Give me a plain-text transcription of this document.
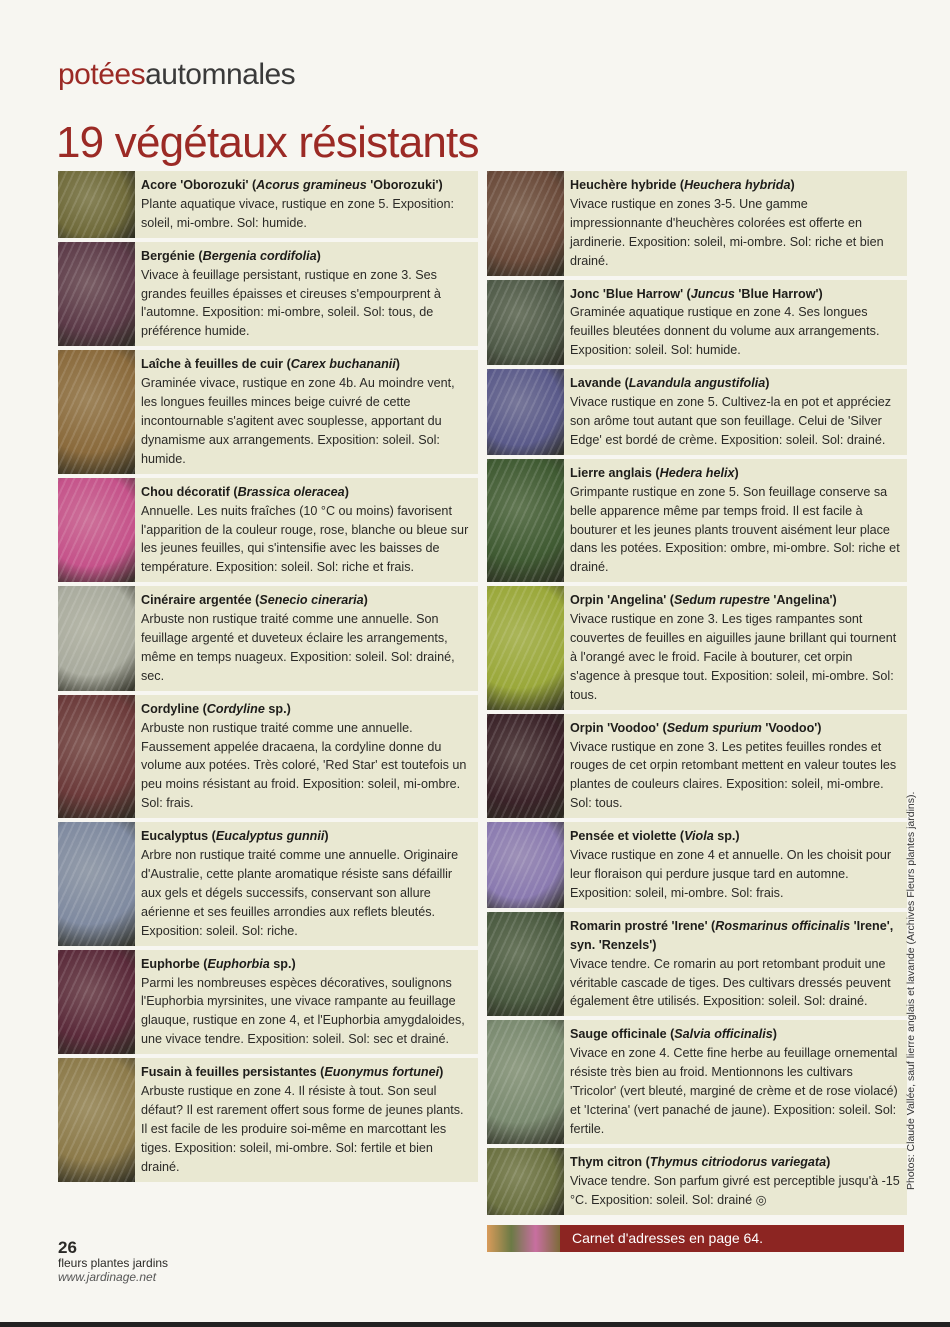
potéesautomnales
19 végétaux résistants
Acore 'Oborozuki' (Acorus gramineus 'Oborozuki')
Plante aquatique vivace, rustique en zone 5. Exposition: soleil, mi-ombre. Sol: humide.
Bergénie (Bergenia cordifolia)
Vivace à feuillage persistant, rustique en zone 3. Ses grandes feuilles épaisses et cireuses s'empourprent à l'automne. Exposition: mi-ombre, soleil. Sol: tous, de préférence humide.
Laîche à feuilles de cuir (Carex buchananii)
Graminée vivace, rustique en zone 4b. Au moindre vent, les longues feuilles minces beige cuivré de cette incontournable s'agitent avec souplesse, apportant du dynamisme aux arrangements. Exposition: soleil. Sol: humide.
Chou décoratif (Brassica oleracea)
Annuelle. Les nuits fraîches (10 °C ou moins) favorisent l'apparition de la couleur rouge, rose, blanche ou bleue sur les jeunes feuilles, qui s'intensifie avec les baisses de température. Exposition: soleil. Sol: riche et frais.
Cinéraire argentée (Senecio cineraria)
Arbuste non rustique traité comme une annuelle. Son feuillage argenté et duveteux éclaire les arrangements, même en temps nuageux. Exposition: soleil. Sol: drainé, sec.
Cordyline (Cordyline sp.)
Arbuste non rustique traité comme une annuelle. Faussement appelée dracaena, la cordyline donne du volume aux potées. Très coloré, 'Red Star' est toutefois un peu moins résistant au froid. Exposition: soleil, mi-ombre. Sol: frais.
Eucalyptus (Eucalyptus gunnii)
Arbre non rustique traité comme une annuelle. Originaire d'Australie, cette plante aromatique résiste sans défaillir aux gels et dégels successifs, conservant son allure aérienne et ses feuilles arrondies aux reflets bleutés. Exposition: soleil. Sol: riche.
Euphorbe (Euphorbia sp.)
Parmi les nombreuses espèces décoratives, soulignons l'Euphorbia myrsinites, une vivace rampante au feuillage glauque, rustique en zone 4, et l'Euphorbia amygdaloides, une vivace tendre. Exposition: soleil. Sol: sec et drainé.
Fusain à feuilles persistantes (Euonymus fortunei)
Arbuste rustique en zone 4. Il résiste à tout. Son seul défaut? Il est rarement offert sous forme de jeunes plants. Il est facile de les produire soi-même en marcottant les tiges. Exposition: soleil, mi-ombre. Sol: fertile et bien drainé.
Heuchère hybride (Heuchera hybrida)
Vivace rustique en zones 3-5. Une gamme impressionnante d'heuchères colorées est offerte en jardinerie. Exposition: soleil, mi-ombre. Sol: riche et bien drainé.
Jonc 'Blue Harrow' (Juncus 'Blue Harrow')
Graminée aquatique rustique en zone 4. Ses longues feuilles bleutées donnent du volume aux arrangements. Exposition: soleil. Sol: humide.
Lavande (Lavandula angustifolia)
Vivace rustique en zone 5. Cultivez-la en pot et appréciez son arôme tout autant que son feuillage. Celui de 'Silver Edge' est bordé de crème. Exposition: soleil. Sol: drainé.
Lierre anglais (Hedera helix)
Grimpante rustique en zone 5. Son feuillage conserve sa belle apparence même par temps froid. Il est facile à bouturer et les jeunes plants trouvent aisément leur place dans les potées. Exposition: ombre, mi-ombre. Sol: riche et drainé.
Orpin 'Angelina' (Sedum rupestre 'Angelina')
Vivace rustique en zone 3. Les tiges rampantes sont couvertes de feuilles en aiguilles jaune brillant qui tournent à l'orangé avec le froid. Facile à bouturer, cet orpin s'agence à presque tout. Exposition: soleil, mi-ombre. Sol: tous.
Orpin 'Voodoo' (Sedum spurium 'Voodoo')
Vivace rustique en zone 3. Les petites feuilles rondes et rouges de cet orpin retombant mettent en valeur toutes les plantes de couleurs claires. Exposition: soleil, mi-ombre. Sol: tous.
Pensée et violette (Viola sp.)
Vivace rustique en zone 4 et annuelle. On les choisit pour leur floraison qui perdure jusque tard en automne. Exposition: soleil, mi-ombre. Sol: frais.
Romarin prostré 'Irene' (Rosmarinus officinalis 'Irene', syn. 'Renzels')
Vivace tendre. Ce romarin au port retombant produit une véritable cascade de tiges. Des cultivars dressés peuvent également être utilisés. Exposition: soleil. Sol: drainé.
Sauge officinale (Salvia officinalis)
Vivace en zone 4. Cette fine herbe au feuillage ornemental résiste très bien au froid. Mentionnons les cultivars 'Tricolor' (vert bleuté, marginé de crème et de rose violacé) et 'Icterina' (vert panaché de jaune). Exposition: soleil. Sol: fertile.
Thym citron (Thymus citriodorus variegata)
Vivace tendre. Son parfum givré est perceptible jusqu'à -15 °C. Exposition: soleil. Sol: drainé ◎
Carnet d'adresses en page 64.
26
fleurs plantes jardins
www.jardinage.net
Photos: Claude Vallée, sauf lierre anglais et lavande (Archives Fleurs plantes jardins).
